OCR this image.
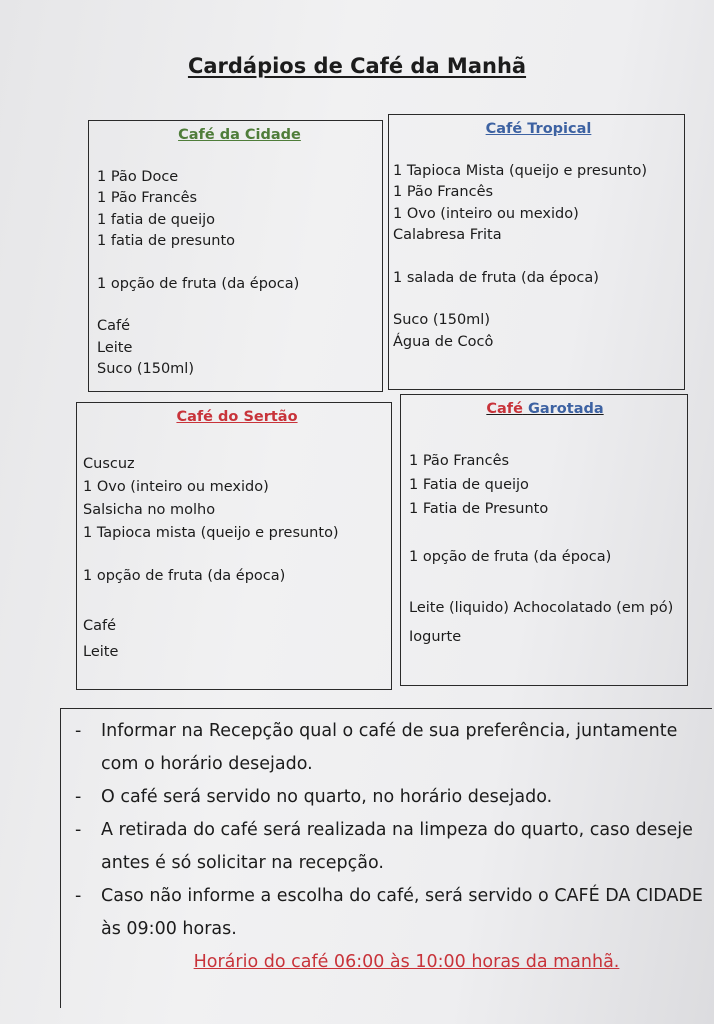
Cardápios de Café da Manhã
Café da Cidade
1 Pão Doce
1 Pão Francês
1 fatia de queijo
1 fatia de presunto
1 opção de fruta (da época)
Café
Leite
Suco (150ml)
Café Tropical
1 Tapioca Mista (queijo e presunto)
1 Pão Francês
1 Ovo (inteiro ou mexido)
Calabresa Frita
1 salada de fruta (da época)
Suco (150ml)
Água de Cocô
Café do Sertão
Cuscuz
1 Ovo (inteiro ou mexido)
Salsicha no molho
1 Tapioca mista (queijo e presunto)
1 opção de fruta (da época)
Café
Leite
Café Garotada
1 Pão Francês
1 Fatia de queijo
1 Fatia de Presunto
1 opção de fruta (da época)
Leite (liquido) Achocolatado (em pó)
Iogurte
- Informar na Recepção qual o café de sua preferência, juntamente com o horário desejado.
- O café será servido no quarto, no horário desejado.
- A retirada do café será realizada na limpeza do quarto, caso deseje antes é só solicitar na recepção.
- Caso não informe a escolha do café, será servido o CAFÉ DA CIDADE às 09:00 horas.
Horário do café 06:00 às 10:00 horas da manhã.
